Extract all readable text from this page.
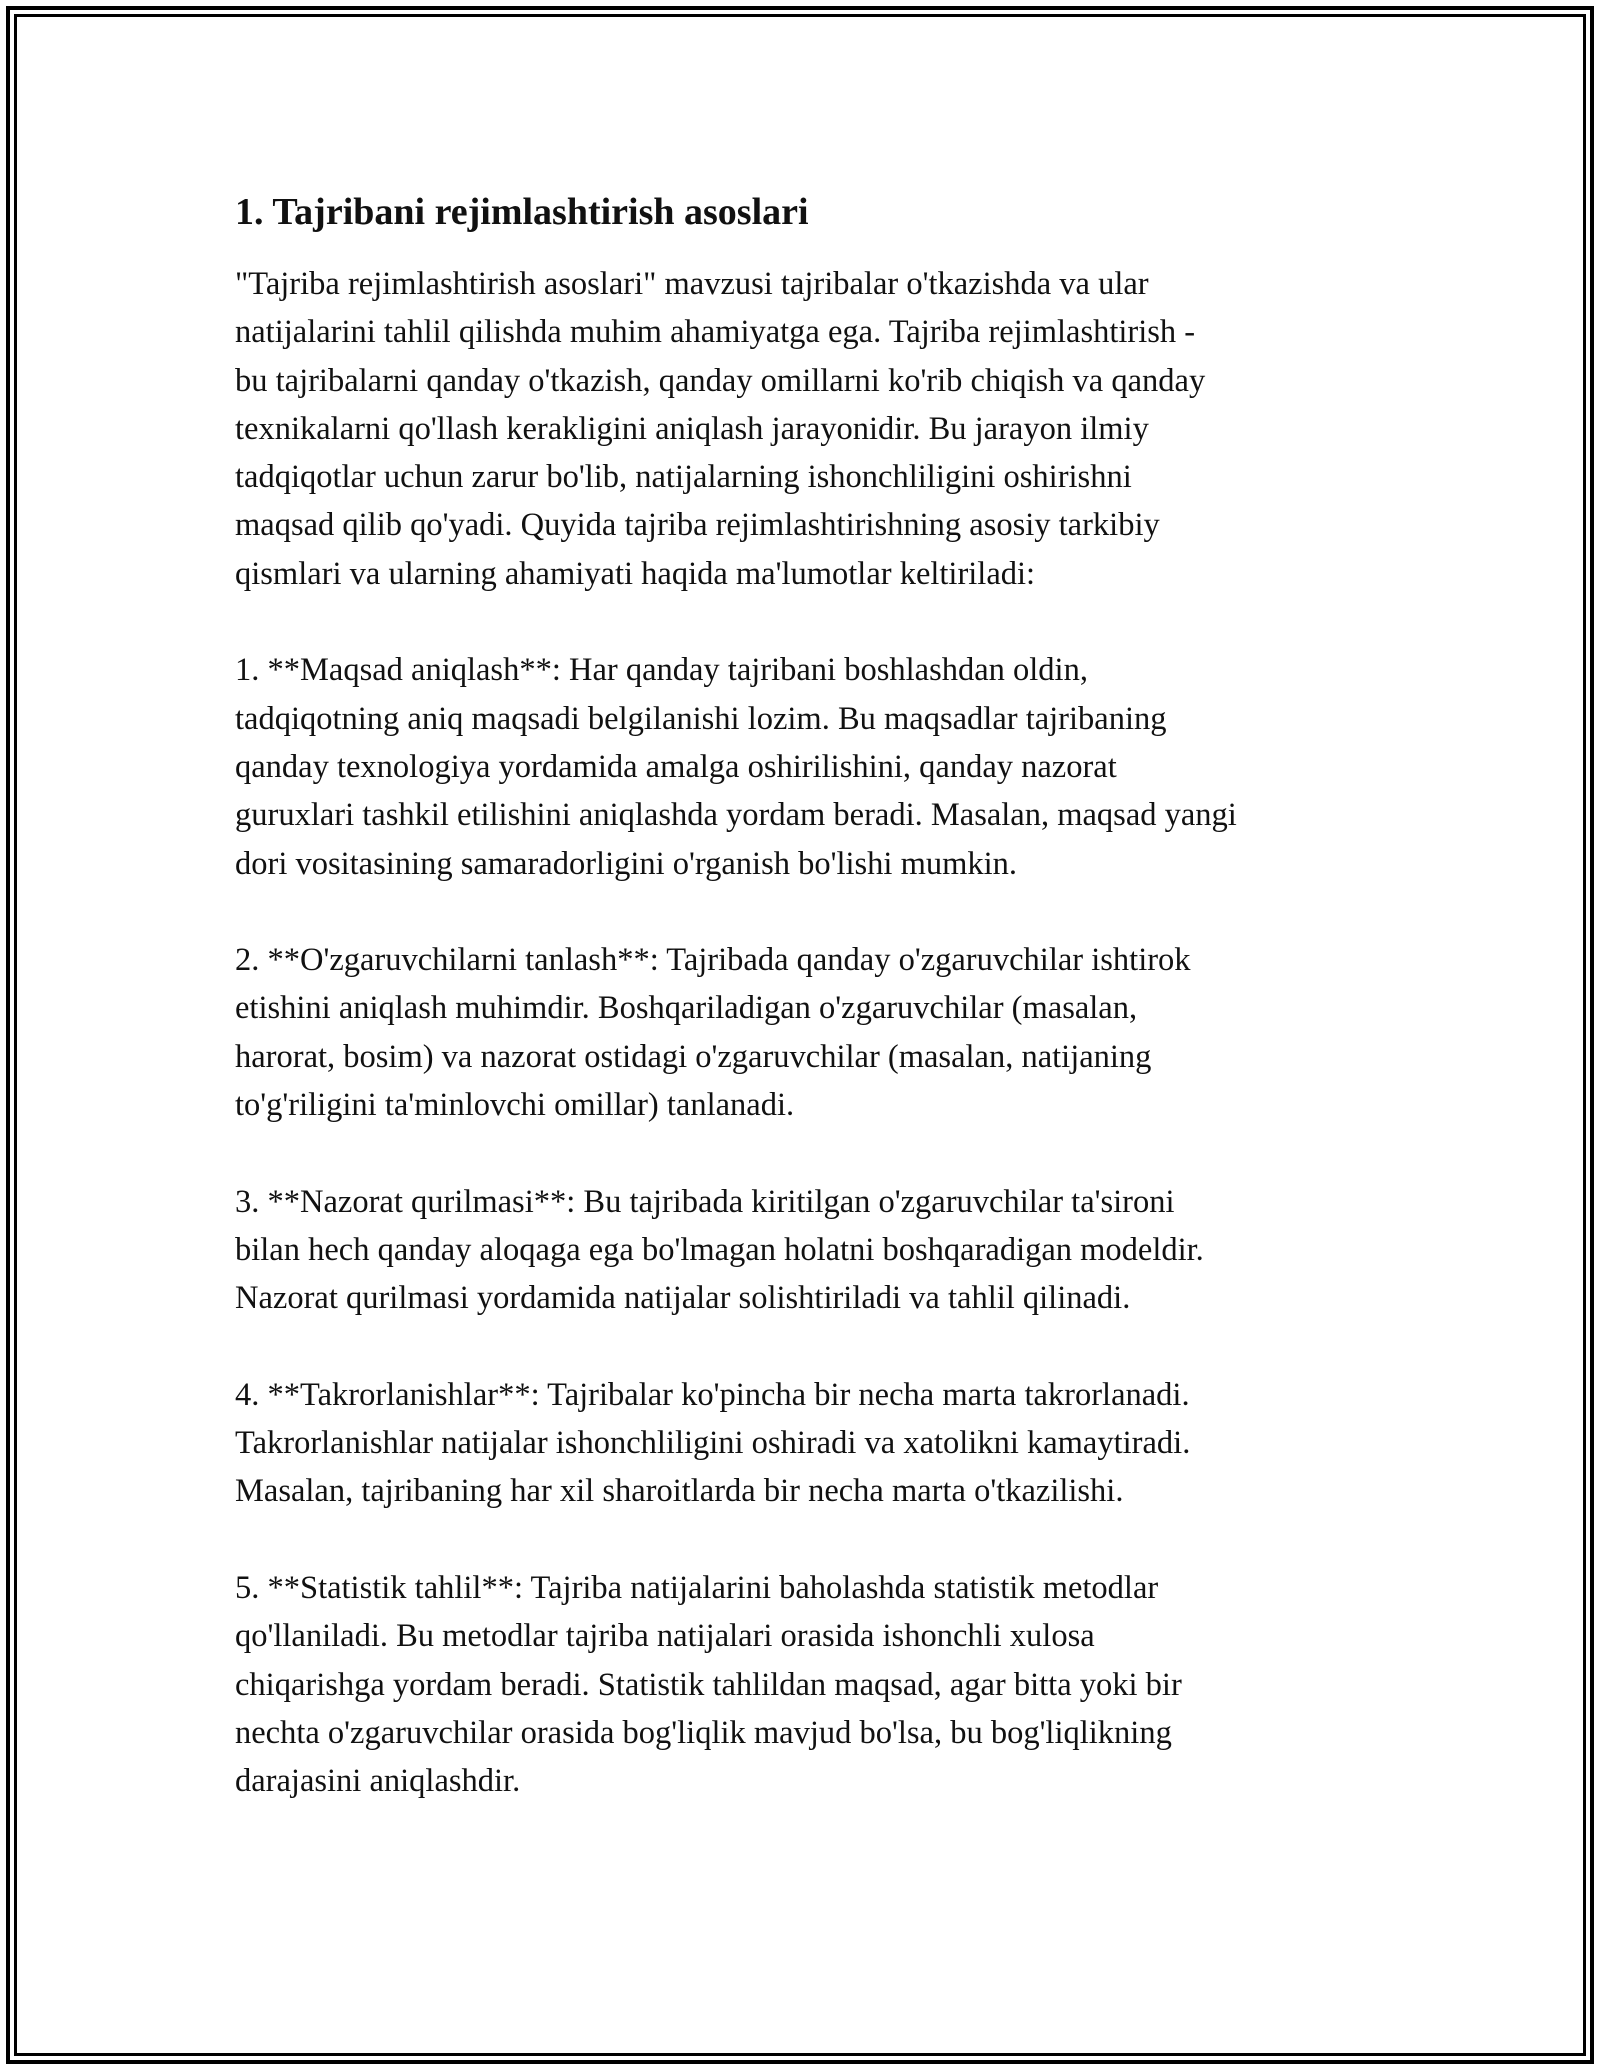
1. Tajribani rejimlashtirish asoslari
"Tajriba rejimlashtirish asoslari" mavzusi tajribalar o'tkazishda va ular
natijalarini tahlil qilishda muhim ahamiyatga ega. Tajriba rejimlashtirish -
bu tajribalarni qanday o'tkazish, qanday omillarni ko'rib chiqish va qanday
texnikalarni qo'llash kerakligini aniqlash jarayonidir. Bu jarayon ilmiy
tadqiqotlar uchun zarur bo'lib, natijalarning ishonchliligini oshirishni
maqsad qilib qo'yadi. Quyida tajriba rejimlashtirishning asosiy tarkibiy
qismlari va ularning ahamiyati haqida ma'lumotlar keltiriladi:
1. **Maqsad aniqlash**: Har qanday tajribani boshlashdan oldin,
tadqiqotning aniq maqsadi belgilanishi lozim. Bu maqsadlar tajribaning
qanday texnologiya yordamida amalga oshirilishini, qanday nazorat
guruxlari tashkil etilishini aniqlashda yordam beradi. Masalan, maqsad yangi
dori vositasining samaradorligini o'rganish bo'lishi mumkin.
2. **O'zgaruvchilarni tanlash**: Tajribada qanday o'zgaruvchilar ishtirok
etishini aniqlash muhimdir. Boshqariladigan o'zgaruvchilar (masalan,
harorat, bosim) va nazorat ostidagi o'zgaruvchilar (masalan, natijaning
to'g'riligini ta'minlovchi omillar) tanlanadi.
3. **Nazorat qurilmasi**: Bu tajribada kiritilgan o'zgaruvchilar ta'sironi
bilan hech qanday aloqaga ega bo'lmagan holatni boshqaradigan modeldir.
Nazorat qurilmasi yordamida natijalar solishtiriladi va tahlil qilinadi.
4. **Takrorlanishlar**: Tajribalar ko'pincha bir necha marta takrorlanadi.
Takrorlanishlar natijalar ishonchliligini oshiradi va xatolikni kamaytiradi.
Masalan, tajribaning har xil sharoitlarda bir necha marta o'tkazilishi.
5. **Statistik tahlil**: Tajriba natijalarini baholashda statistik metodlar
qo'llaniladi. Bu metodlar tajriba natijalari orasida ishonchli xulosa
chiqarishga yordam beradi. Statistik tahlildan maqsad, agar bitta yoki bir
nechta o'zgaruvchilar orasida bog'liqlik mavjud bo'lsa, bu bog'liqlikning
darajasini aniqlashdir.
